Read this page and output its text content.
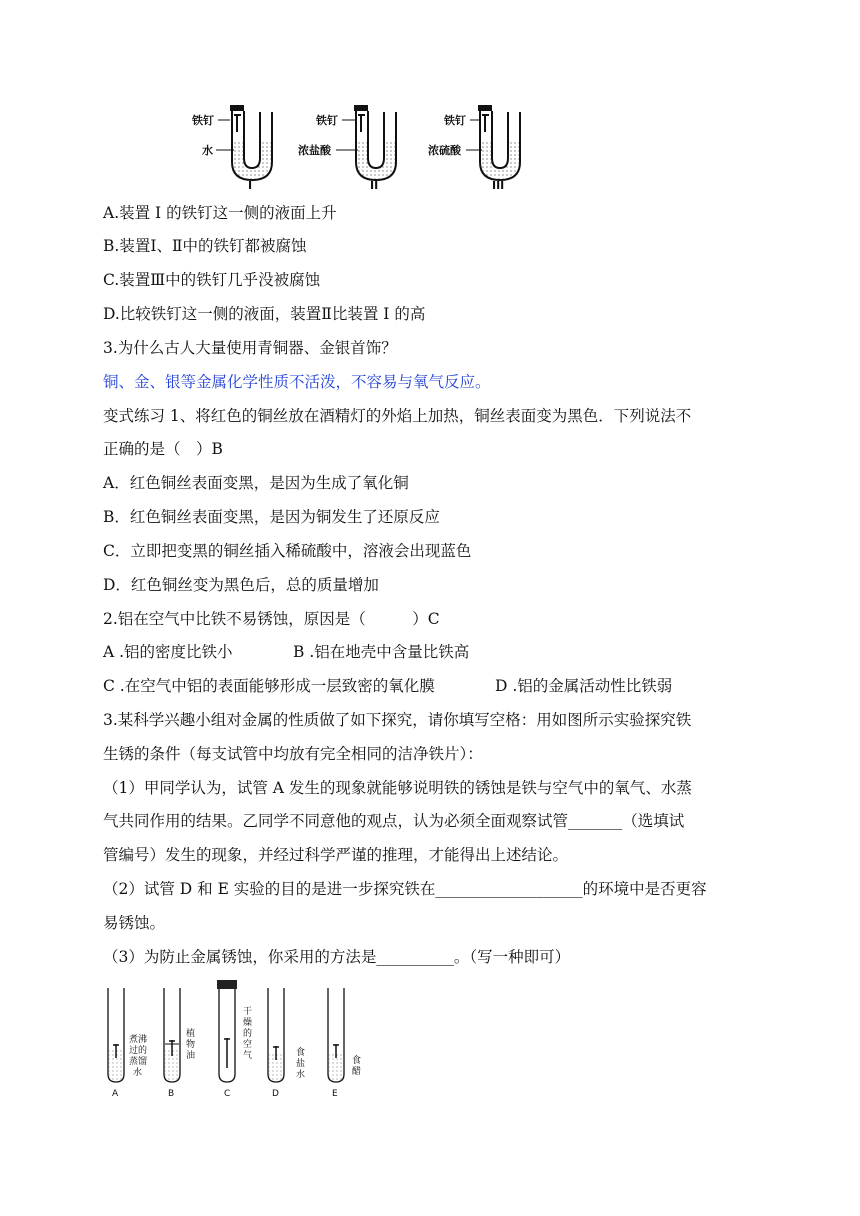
铁钉
水
I
铁钉
浓盐酸
II
铁钉
浓硫酸
III
A.装置 I 的铁钉这一侧的液面上升
B.装置Ⅰ、Ⅱ中的铁钉都被腐蚀
C.装置Ⅲ中的铁钉几乎没被腐蚀
D.比较铁钉这一侧的液面，装置Ⅱ比装置 I 的高
3.为什么古人大量使用青铜器、金银首饰？
铜、金、银等金属化学性质不活泼，不容易与氧气反应。
变式练习 1、将红色的铜丝放在酒精灯的外焰上加热，铜丝表面变为黑色．下列说法不
正确的是（　）B
A．红色铜丝表面变黑，是因为生成了氧化铜
B．红色铜丝表面变黑，是因为铜发生了还原反应
C．立即把变黑的铜丝插入稀硫酸中，溶液会出现蓝色
D．红色铜丝变为黑色后，总的质量增加
2.铝在空气中比铁不易锈蚀，原因是（　　　）C
A .铝的密度比铁小	B .铝在地壳中含量比铁高
C .在空气中铝的表面能够形成一层致密的氧化膜	D .铝的金属活动性比铁弱
3.某科学兴趣小组对金属的性质做了如下探究，请你填写空格：用如图所示实验探究铁
生锈的条件（每支试管中均放有完全相同的洁净铁片）：
（1）甲同学认为，试管 A 发生的现象就能够说明铁的锈蚀是铁与空气中的氧气、水蒸
气共同作用的结果。乙同学不同意他的观点，认为必须全面观察试管_______（选填试
管编号）发生的现象，并经过科学严谨的推理，才能得出上述结论。
（2）试管 D 和 E 实验的目的是进一步探究铁在___________________的环境中是否更容
易锈蚀。
（3）为防止金属锈蚀，你采用的方法是__________。（写一种即可）
煮沸
过的
蒸馏
水
A
植
物
油
B
干
燥
的
空
气
C
食
盐
水
D
食
醋
E
